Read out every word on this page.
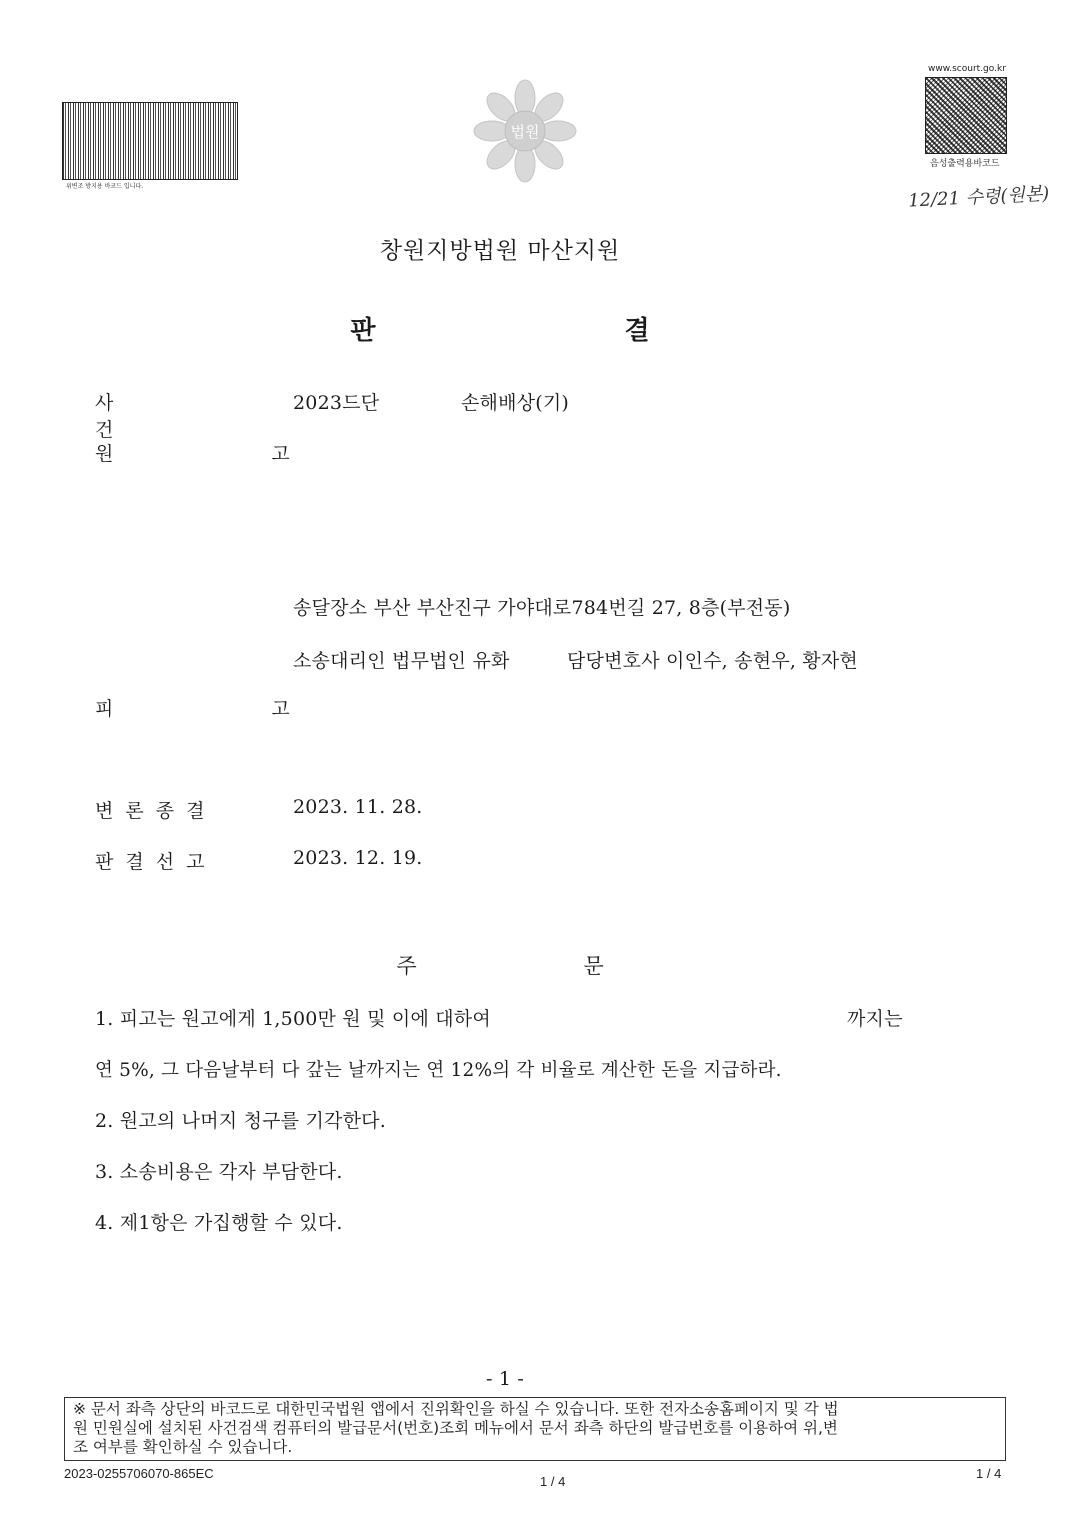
위변조 방지용 바코드 입니다.
법원
www.scourt.go.kr
음성출력용바코드
12/21 수령(원본)
창원지방법원 마산지원
판 결
사 건
2023드단	손해배상(기)
원 고
송달장소 부산 부산진구 가야대로784번길 27, 8층(부전동)
소송대리인 법무법인 유화	담당변호사 이인수, 송현우, 황자현
피 고
변 론 종 결	2023. 11. 28.
판 결 선 고	2023. 12. 19.
주 문
1. 피고는 원고에게 1,500만 원 및 이에 대하여	까지는
연 5%, 그 다음날부터 다 갚는 날까지는 연 12%의 각 비율로 계산한 돈을 지급하라.
2. 원고의 나머지 청구를 기각한다.
3. 소송비용은 각자 부담한다.
4. 제1항은 가집행할 수 있다.
- 1 -
※ 문서 좌측 상단의 바코드로 대한민국법원 앱에서 진위확인을 하실 수 있습니다. 또한 전자소송홈페이지 및 각 법
원 민원실에 설치된 사건검색 컴퓨터의 발급문서(번호)조회 메뉴에서 문서 좌측 하단의 발급번호를 이용하여 위,변
조 여부를 확인하실 수 있습니다.
2023-0255706070-865EC
1 / 4
1 / 4
